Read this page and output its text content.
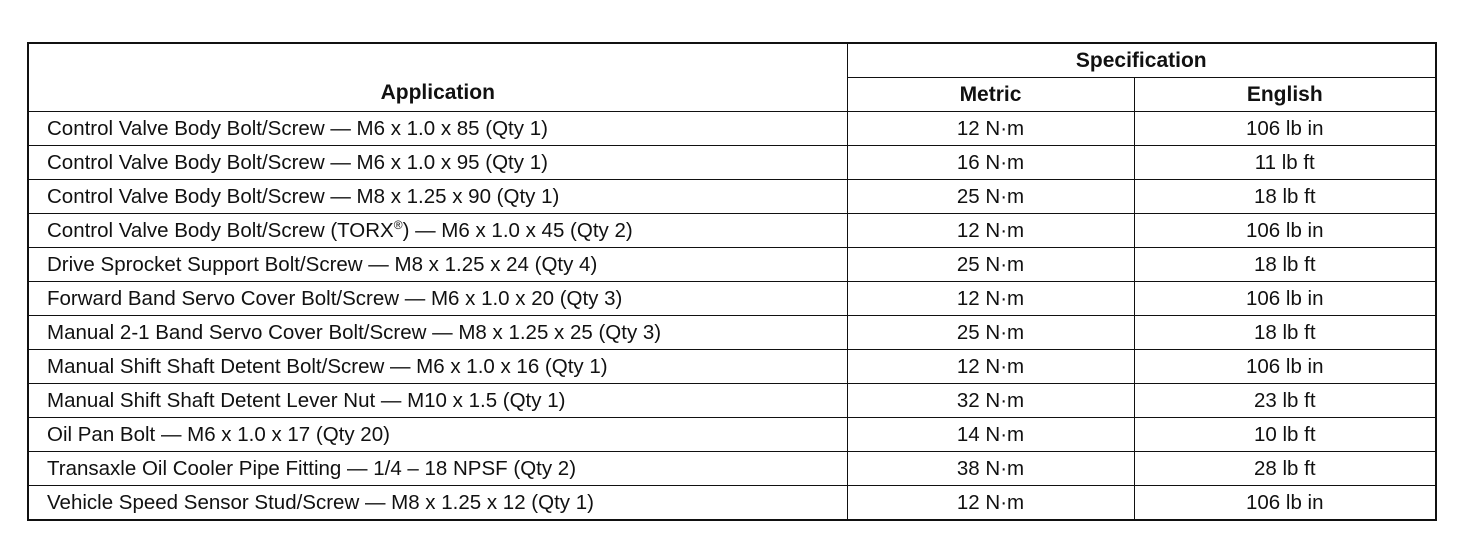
Application	Specification	
	Metric	English
Control Valve Body Bolt/Screw — M6 x 1.0 x 85 (Qty 1)	12 N·m	106 lb in
Control Valve Body Bolt/Screw — M6 x 1.0 x 95 (Qty 1)	16 N·m	11 lb ft
Control Valve Body Bolt/Screw — M8 x 1.25 x 90 (Qty 1)	25 N·m	18 lb ft
Control Valve Body Bolt/Screw (TORX®) — M6 x 1.0 x 45 (Qty 2)	12 N·m	106 lb in
Drive Sprocket Support Bolt/Screw — M8 x 1.25 x 24 (Qty 4)	25 N·m	18 lb ft
Forward Band Servo Cover Bolt/Screw — M6 x 1.0 x 20 (Qty 3)	12 N·m	106 lb in
Manual 2-1 Band Servo Cover Bolt/Screw — M8 x 1.25 x 25 (Qty 3)	25 N·m	18 lb ft
Manual Shift Shaft Detent Bolt/Screw — M6 x 1.0 x 16 (Qty 1)	12 N·m	106 lb in
Manual Shift Shaft Detent Lever Nut — M10 x 1.5 (Qty 1)	32 N·m	23 lb ft
Oil Pan Bolt — M6 x 1.0 x 17 (Qty 20)	14 N·m	10 lb ft
Transaxle Oil Cooler Pipe Fitting — 1/4 – 18 NPSF (Qty 2)	38 N·m	28 lb ft
Vehicle Speed Sensor Stud/Screw — M8 x 1.25 x 12 (Qty 1)	12 N·m	106 lb in
